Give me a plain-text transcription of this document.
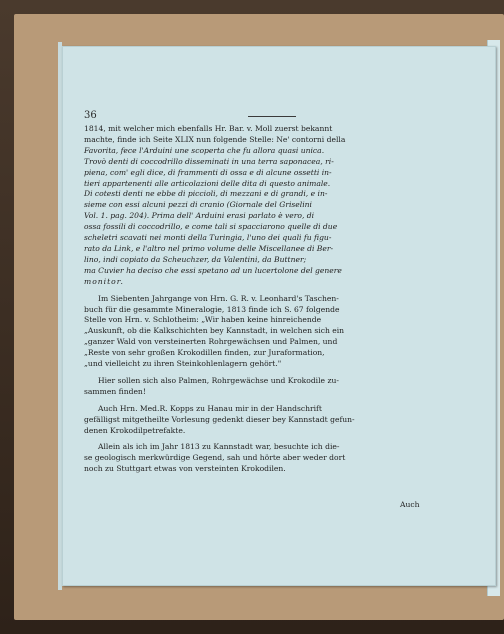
36
1814, mit welcher mich ebenfalls Hr. Bar. v. Moll zuerst bekannt
machte, finde ich Seite XLIX nun folgende Stelle: Ne' contorni della
Favorita, fece l'Arduini une scoperta che fu allora quasi unica.
Trovò denti di coccodrillo disseminati in una terra saponacea, ri-
piena, com' egli dice, di frammenti di ossa e di alcune ossetti in-
tieri appartenenti alle articolazioni delle dita di questo animale.
Di cotesti denti ne ebbe di piccioli, di mezzani e di grandi, e in-
sieme con essi alcuni pezzi di cranio (Giornale del Griselini
Vol. 1. pag. 204). Prima dell' Arduini erasi parlato è vero, di
ossa fossili di coccodrillo, e come tali si spacciarono quelle di due
scheletri scavati nei monti della Turingia, l'uno dei quali fu figu-
rato da Link, e l'altro nel primo volume delle Miscellanee di Ber-
lino, indi copiato da Scheuchzer, da Valentini, da Buttner;
ma Cuvier ha deciso che essi spetano ad un lucertolone del genere
monitor.
Im Siebenten Jahrgange von Hrn. G. R. v. Leonhard's Taschen-
buch für die gesammte Mineralogie, 1813 finde ich S. 67 folgende
Stelle von Hrn. v. Schlotheim: „Wir haben keine hinreichende
„Auskunft, ob die Kalkschichten bey Kannstadt, in welchen sich ein
„ganzer Wald von versteinerten Rohrgewächsen und Palmen, und
„Reste von sehr großen Krokodillen finden, zur Juraformation,
„und vielleicht zu ihren Steinkohlenlagern gehört."
Hier sollen sich also Palmen, Rohrgewächse und Krokodile zu-
sammen finden!
Auch Hrn. Med.R. Kopps zu Hanau mir in der Handschrift
gefälligst mitgetheilte Vorlesung gedenkt dieser bey Kannstadt gefun-
denen Krokodilpetrefakte.
Allein als ich im Jahr 1813 zu Kannstadt war, besuchte ich die-
se geologisch merkwürdige Gegend, sah und hörte aber weder dort
noch zu Stuttgart etwas von versteinten Krokodilen.
Auch
